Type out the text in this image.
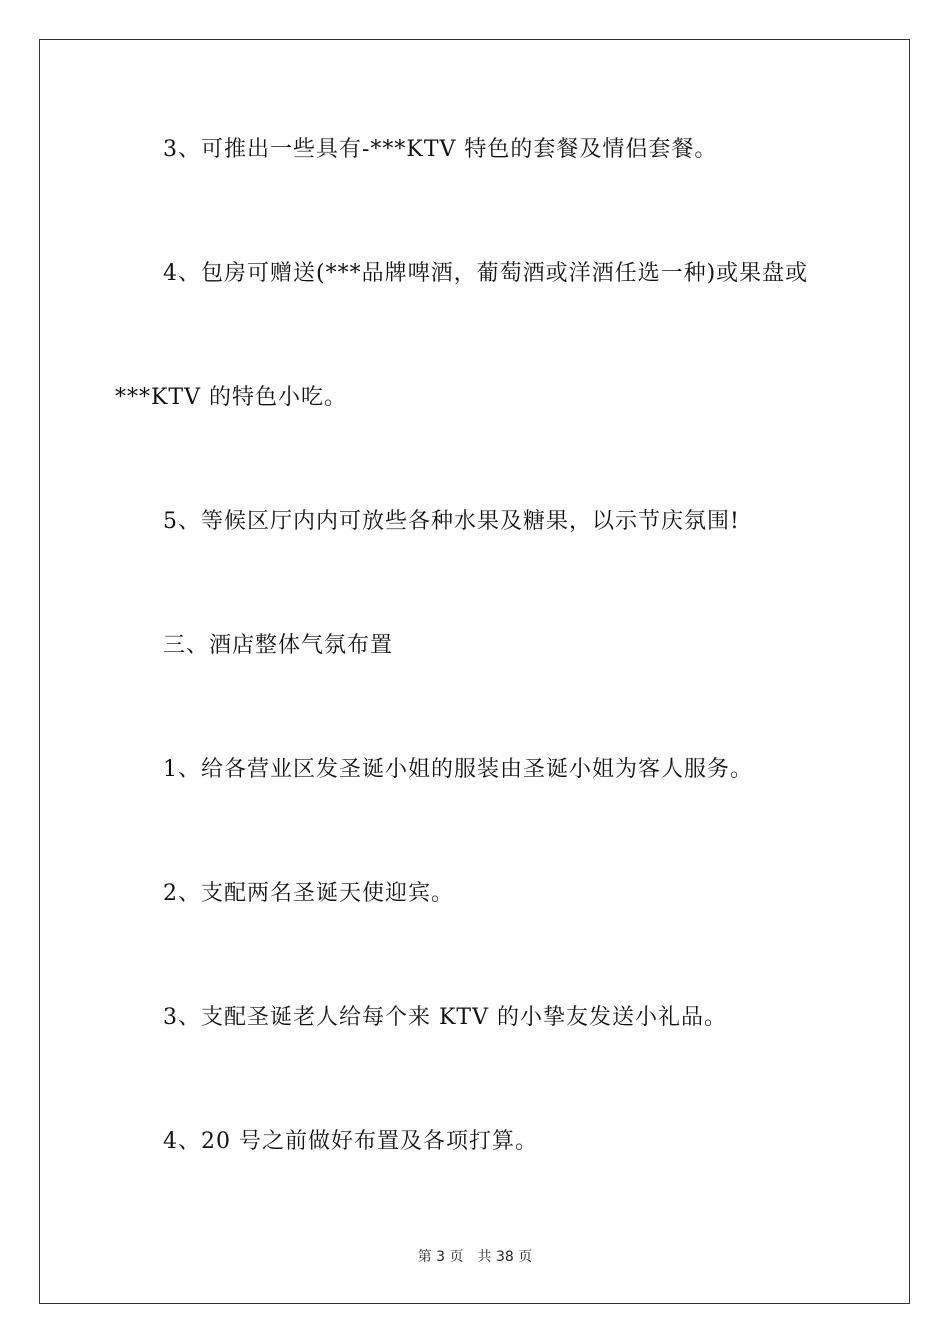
3、可推出一些具有-***KTV 特色的套餐及情侣套餐。
4、包房可赠送(***品牌啤酒，葡萄酒或洋酒任选一种)或果盘或
***KTV 的特色小吃。
5、等候区厅内内可放些各种水果及糖果，以示节庆氛围!
三、酒店整体气氛布置
1、给各营业区发圣诞小姐的服装由圣诞小姐为客人服务。
2、支配两名圣诞天使迎宾。
3、支配圣诞老人给每个来 KTV 的小挚友发送小礼品。
4、20 号之前做好布置及各项打算。
第 3 页 共 38 页
